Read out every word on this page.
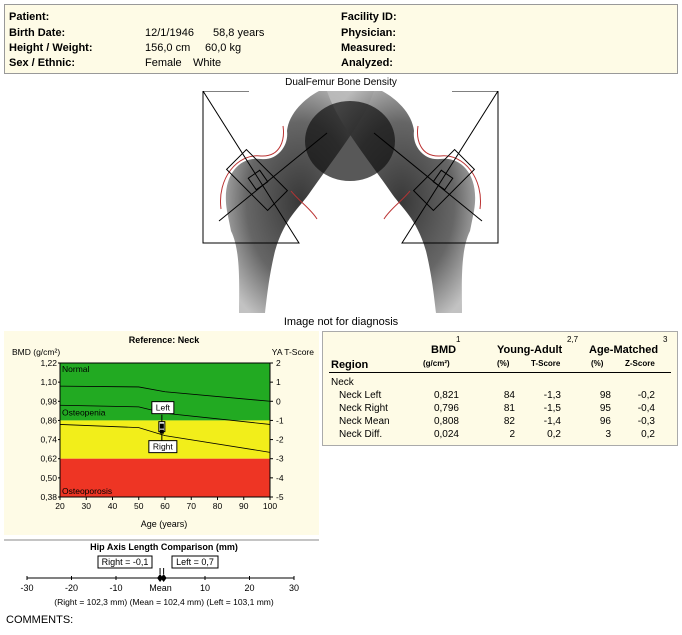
Patient:
Birth Date:	12/1/1946 58,8 years
Height / Weight:	156,0 cm 60,0 kg
Sex / Ethnic:	Female White
Facility ID:
Physician:
Measured:
Analyzed:
DualFemur Bone Density
Image not for diagnosis
Reference: Neck
BMD (g/cm²)	YA T-Score
Normal
Osteopenia
Osteoporosis
Left
Right
1,22
1,10
0,98
0,86
0,74
0,62
0,50
0,38
2
1
0
-1
-2
-3
-4
-5
20 30 40 50 60 70 80 90 100
Age (years)
Region
BMD
1
(g/cm²)
Young-Adult
2,7
(%)	T-Score
Age-Matched
3
(%)	Z-Score
Neck
Neck Left	0,821	84	-1,3	98	-0,2
Neck Right	0,796	81	-1,5	95	-0,4
Neck Mean	0,808	82	-1,4	96	-0,3
Neck Diff.	0,024	2	0,2	3	0,2
Hip Axis Length Comparison (mm)
Right = -0,1	Left = 0,7
-30	-20	-10	Mean	10	20	30
(Right = 102,3 mm) (Mean = 102,4 mm) (Left = 103,1 mm)
COMMENTS:
